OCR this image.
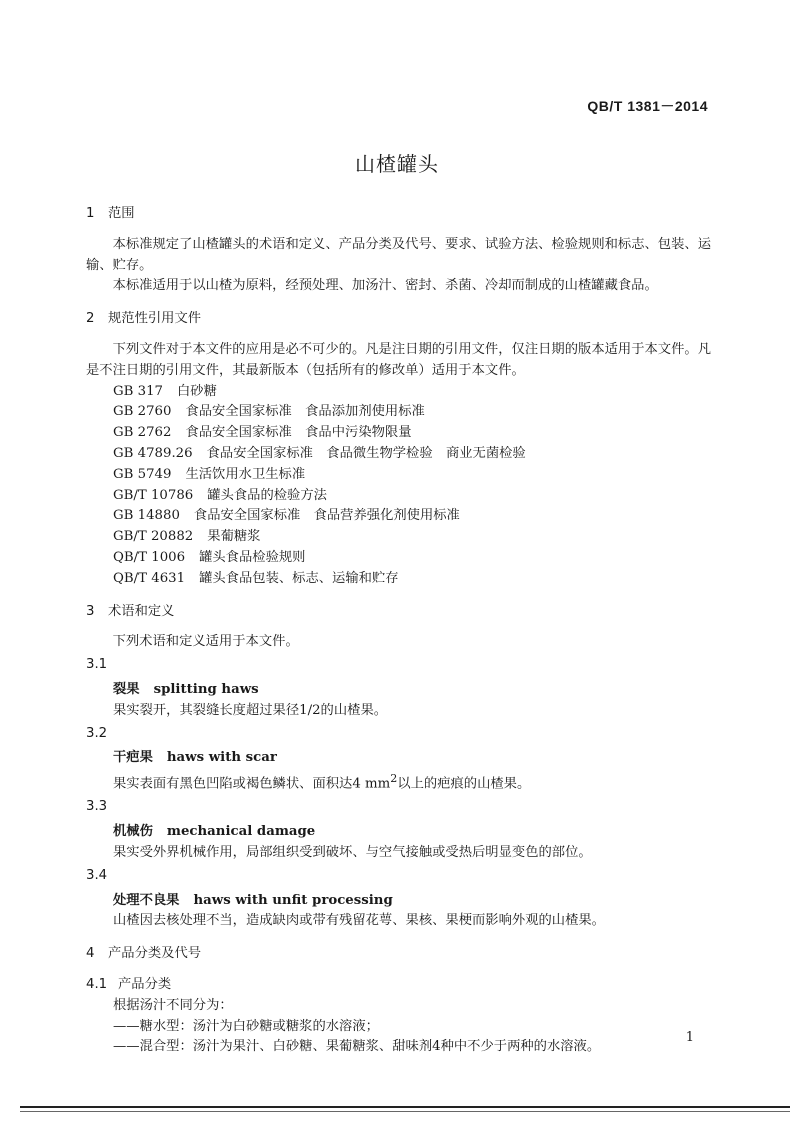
QB/T 1381－2014
山楂罐头
1 范围
本标准规定了山楂罐头的术语和定义、产品分类及代号、要求、试验方法、检验规则和标志、包装、运输、贮存。
本标准适用于以山楂为原料，经预处理、加汤汁、密封、杀菌、冷却而制成的山楂罐藏食品。
2 规范性引用文件
下列文件对于本文件的应用是必不可少的。凡是注日期的引用文件，仅注日期的版本适用于本文件。凡是不注日期的引用文件，其最新版本（包括所有的修改单）适用于本文件。
GB 317 白砂糖
GB 2760 食品安全国家标准　食品添加剂使用标准
GB 2762 食品安全国家标准　食品中污染物限量
GB 4789.26 食品安全国家标准　食品微生物学检验　商业无菌检验
GB 5749 生活饮用水卫生标准
GB/T 10786 罐头食品的检验方法
GB 14880 食品安全国家标准　食品营养强化剂使用标准
GB/T 20882 果葡糖浆
QB/T 1006 罐头食品检验规则
QB/T 4631 罐头食品包装、标志、运输和贮存
3 术语和定义
下列术语和定义适用于本文件。
3.1
裂果 splitting haws
果实裂开，其裂缝长度超过果径1/2的山楂果。
3.2
干疤果 haws with scar
果实表面有黑色凹陷或褐色鳞状、面积达4 $mm^2$以上的疤痕的山楂果。
3.3
机械伤 mechanical damage
果实受外界机械作用，局部组织受到破坏、与空气接触或受热后明显变色的部位。
3.4
处理不良果 haws with unfit processing
山楂因去核处理不当，造成缺肉或带有残留花萼、果核、果梗而影响外观的山楂果。
4 产品分类及代号
4.1 产品分类
根据汤汁不同分为：
——糖水型：汤汁为白砂糖或糖浆的水溶液；
——混合型：汤汁为果汁、白砂糖、果葡糖浆、甜味剂4种中不少于两种的水溶液。
1
